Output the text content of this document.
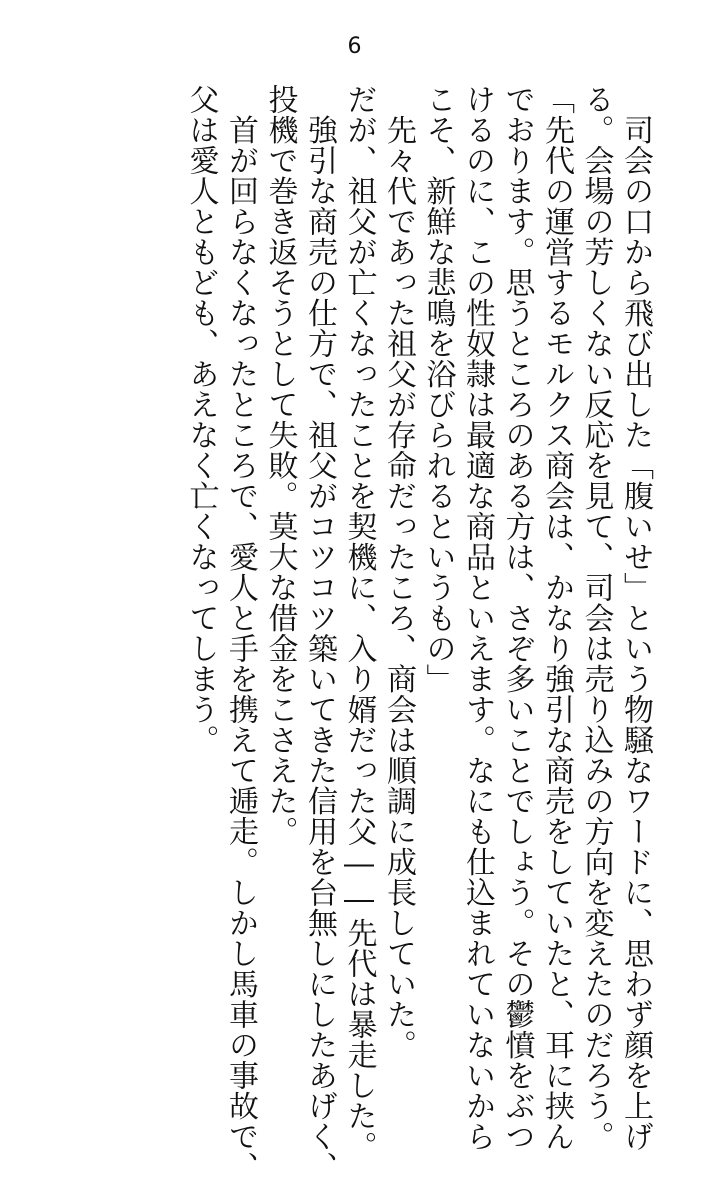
6

　司会の口から飛び出した「腹いせ」という物騒なワードに、思わず顔を上げ

る。会場の芳しくない反応を見て、司会は売り込みの方向を変えたのだろう。

「先代の運営するモルクス商会は、かなり強引な商売をしていたと、耳に挟ん

でおります。思うところのある方は、さぞ多いことでしょう。その鬱憤をぶつ

けるのに、この性奴隷は最適な商品といえます。なにも仕込まれていないから

こそ、新鮮な悲鳴を浴びられるというもの」

　先々代であった祖父が存命だったころ、商会は順調に成長していた。

だが、祖父が亡くなったことを契機に、入り婿だった父――先代は暴走した。

　強引な商売の仕方で、祖父がコツコツ築いてきた信用を台無しにしたあげく、

投機で巻き返そうとして失敗。莫大な借金をこさえた。

　首が回らなくなったところで、愛人と手を携えて逓走。しかし馬車の事故で、

父は愛人ともども、あえなく亡くなってしまう。
